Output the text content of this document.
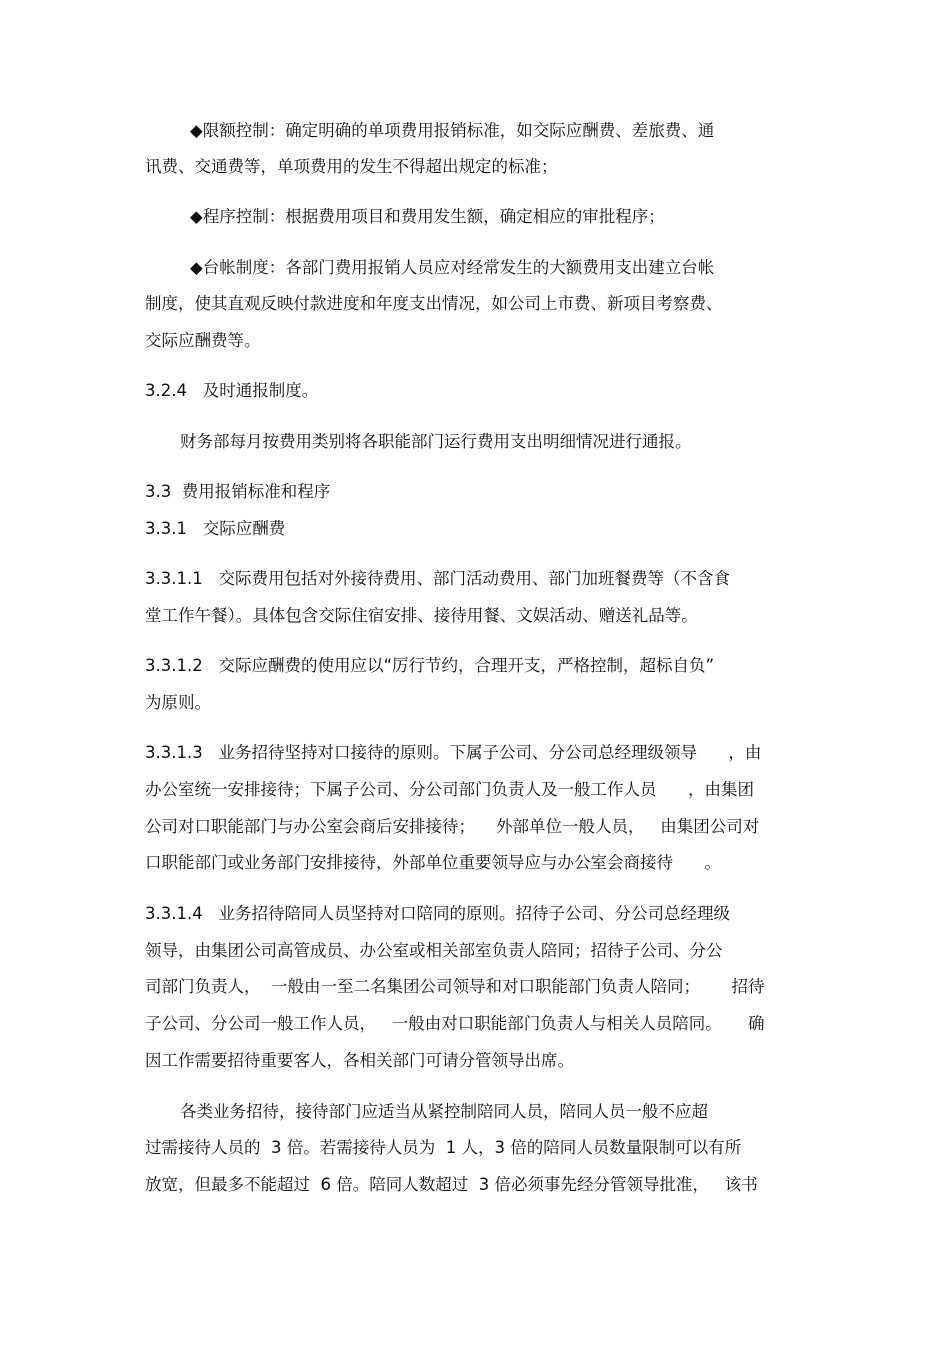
◆限额控制：确定明确的单项费用报销标准，如交际应酬费、差旅费、通
讯费、交通费等，单项费用的发生不得超出规定的标准；
◆程序控制：根据费用项目和费用发生额，确定相应的审批程序；
◆台帐制度：各部门费用报销人员应对经常发生的大额费用支出建立台帐
制度，使其直观反映付款进度和年度支出情况，如公司上市费、新项目考察费、
交际应酬费等。
3.2.4   及时通报制度。
财务部每月按费用类别将各职能部门运行费用支出明细情况进行通报。
3.3  费用报销标准和程序
3.3.1   交际应酬费
3.3.1.1   交际费用包括对外接待费用、部门活动费用、部门加班餐费等（不含食
堂工作午餐）。具体包含交际住宿安排、接待用餐、文娱活动、赠送礼品等。
3.3.1.2   交际应酬费的使用应以“厉行节约，合理开支，严格控制，超标自负”
为原则。
3.3.1.3   业务招待坚持对口接待的原则。下属子公司、分公司总经理级领导      ，由
办公室统一安排接待；下属子公司、分公司部门负责人及一般工作人员      ，由集团
公司对口职能部门与办公室会商后安排接待；    外部单位一般人员，   由集团公司对
口职能部门或业务部门安排接待，外部单位重要领导应与办公室会商接待      。
3.3.1.4   业务招待陪同人员坚持对口陪同的原则。招待子公司、分公司总经理级
领导，由集团公司高管成员、办公室或相关部室负责人陪同；招待子公司、分公
司部门负责人，  一般由一至二名集团公司领导和对口职能部门负责人陪同；      招待
子公司、分公司一般工作人员，   一般由对口职能部门负责人与相关人员陪同。     确
因工作需要招待重要客人，各相关部门可请分管领导出席。
各类业务招待，接待部门应适当从紧控制陪同人员，陪同人员一般不应超
过需接待人员的  3 倍。若需接待人员为  1 人，3 倍的陪同人员数量限制可以有所
放宽，但最多不能超过  6 倍。陪同人数超过  3 倍必须事先经分管领导批准，   该书
